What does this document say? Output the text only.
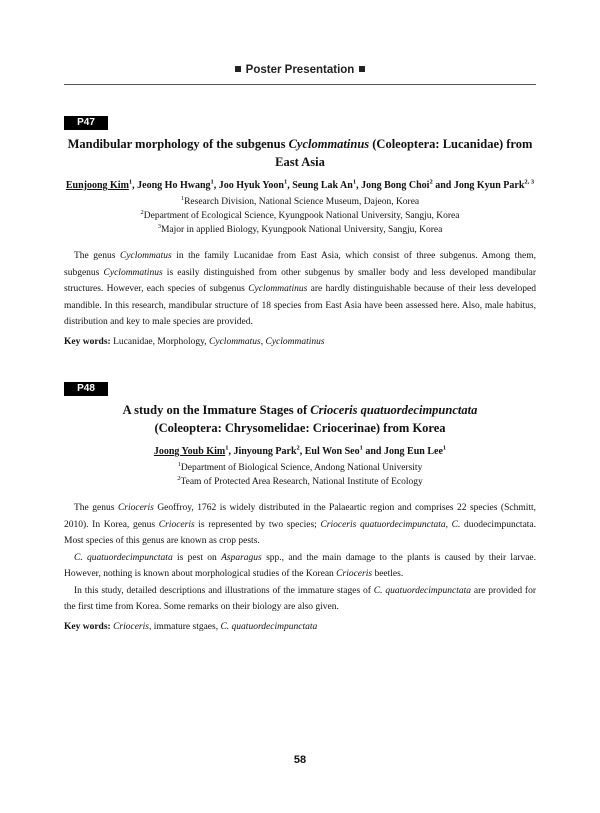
Poster Presentation
P47
Mandibular morphology of the subgenus Cyclommatinus (Coleoptera: Lucanidae) from
East Asia
Eunjoong Kim$^1$, Jeong Ho Hwang$^1$, Joo Hyuk Yoon$^1$, Seung Lak An$^1$, Jong Bong Choi$^2$ and Jong Kyun Park$^{2, 3}$
$^1$Research Division, National Science Museum, Dajeon, Korea
$^2$Department of Ecological Science, Kyungpook National University, Sangju, Korea
$^3$Major in applied Biology, Kyungpook National University, Sangju, Korea

The genus Cyclommatus in the family Lucanidae from East Asia, which consist of three subgenus. Among them, subgenus Cyclommatinus is easily distinguished from other subgenus by smaller body and less developed mandibular structures. However, each species of subgenus Cyclommatinus are hardly distinguishable because of their less developed mandible. In this research, mandibular structure of 18 species from East Asia have been assessed here. Also, male habitus, distribution and key to male species are provided.

Key words: Lucanidae, Morphology, Cyclommatus, Cyclommatinus
P48
A study on the Immature Stages of Crioceris quatuordecimpunctata
(Coleoptera: Chrysomelidae: Criocerinae) from Korea
Joong Youb Kim$^1$, Jinyoung Park$^2$, Eul Won Seo$^1$ and Jong Eun Lee$^1$
$^1$Department of Biological Science, Andong National University
$^2$Team of Protected Area Research, National Institute of Ecology

The genus Crioceris Geoffroy, 1762 is widely distributed in the Palaeartic region and comprises 22 species (Schmitt, 2010). In Korea, genus Crioceris is represented by two species; Crioceris quatuordecimpunctata, C. duodecimpunctata. Most species of this genus are known as crop pests.

C. quatuordecimpunctata is pest on Asparagus spp., and the main damage to the plants is caused by their larvae. However, nothing is known about morphological studies of the Korean Crioceris beetles.

In this study, detailed descriptions and illustrations of the immature stages of C. quatuordecimpunctata are provided for the first time from Korea. Some remarks on their biology are also given.

Key words: Crioceris, immature stgaes, C. quatuordecimpunctata
58
